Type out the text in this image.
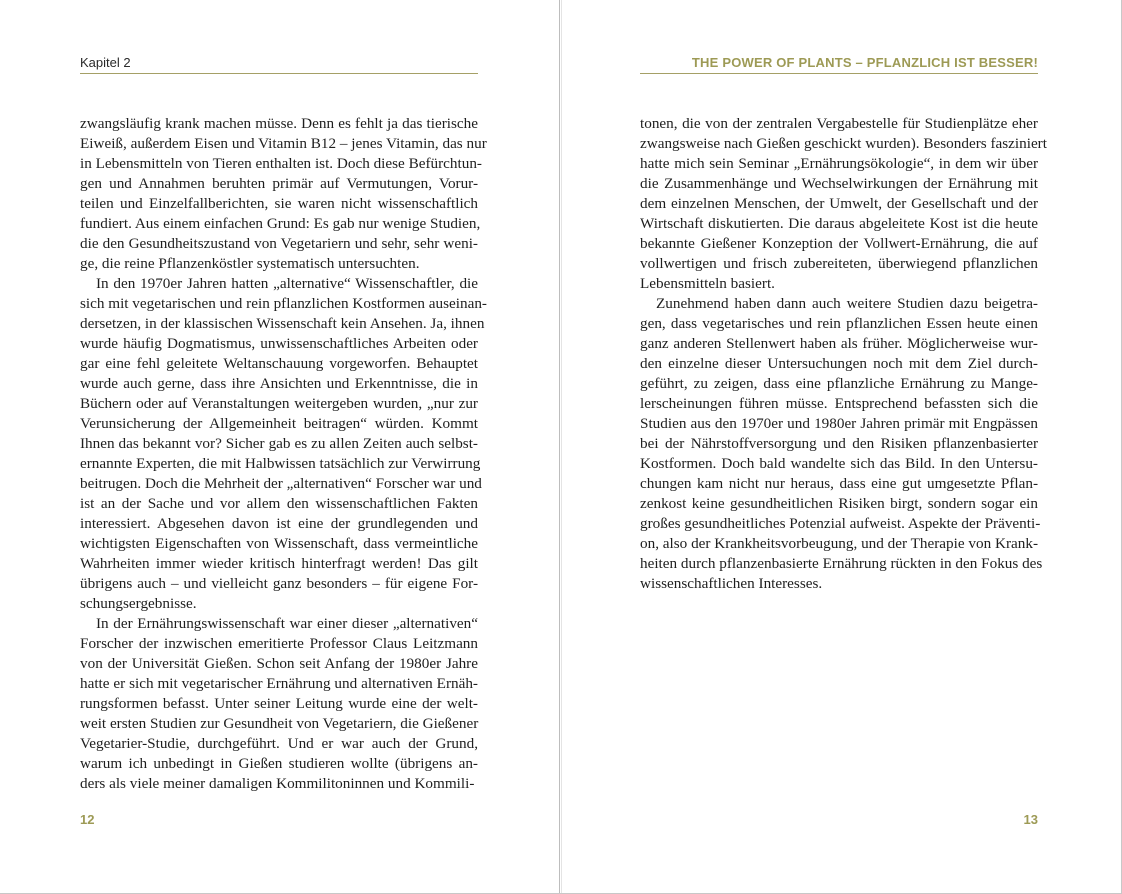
Kapitel 2
zwangsläufig krank machen müsse. Denn es fehlt ja das tierische
Eiweiß, außerdem Eisen und Vitamin B12 – jenes Vitamin, das nur
in Lebensmitteln von Tieren enthalten ist. Doch diese Befürchtun-
gen und Annahmen beruhten primär auf Vermutungen, Vorur-
teilen und Einzelfallberichten, sie waren nicht wissenschaftlich
fundiert. Aus einem einfachen Grund: Es gab nur wenige Studien,
die den Gesundheitszustand von Vegetariern und sehr, sehr weni-
ge, die reine Pflanzenköstler systematisch untersuchten.
In den 1970er Jahren hatten „alternative“ Wissenschaftler, die
sich mit vegetarischen und rein pflanzlichen Kostformen auseinan-
dersetzen, in der klassischen Wissenschaft kein Ansehen. Ja, ihnen
wurde häufig Dogmatismus, unwissenschaftliches Arbeiten oder
gar eine fehl geleitete Weltanschauung vorgeworfen. Behauptet
wurde auch gerne, dass ihre Ansichten und Erkenntnisse, die in
Büchern oder auf Veranstaltungen weitergeben wurden, „nur zur
Verunsicherung der Allgemeinheit beitragen“ würden. Kommt
Ihnen das bekannt vor? Sicher gab es zu allen Zeiten auch selbst-
ernannte Experten, die mit Halbwissen tatsächlich zur Verwirrung
beitrugen. Doch die Mehrheit der „alternativen“ Forscher war und
ist an der Sache und vor allem den wissenschaftlichen Fakten
interessiert. Abgesehen davon ist eine der grundlegenden und
wichtigsten Eigenschaften von Wissenschaft, dass vermeintliche
Wahrheiten immer wieder kritisch hinterfragt werden! Das gilt
übrigens auch – und vielleicht ganz besonders – für eigene For-
schungsergebnisse.
In der Ernährungswissenschaft war einer dieser „alternativen“
Forscher der inzwischen emeritierte Professor Claus Leitzmann
von der Universität Gießen. Schon seit Anfang der 1980er Jahre
hatte er sich mit vegetarischer Ernährung und alternativen Ernäh-
rungsformen befasst. Unter seiner Leitung wurde eine der welt-
weit ersten Studien zur Gesundheit von Vegetariern, die Gießener
Vegetarier-Studie, durchgeführt. Und er war auch der Grund,
warum ich unbedingt in Gießen studieren wollte (übrigens an-
ders als viele meiner damaligen Kommilitoninnen und Kommili-
12
THE POWER OF PLANTS – PFLANZLICH IST BESSER!
tonen, die von der zentralen Vergabestelle für Studienplätze eher
zwangsweise nach Gießen geschickt wurden). Besonders fasziniert
hatte mich sein Seminar „Ernährungsökologie“, in dem wir über
die Zusammenhänge und Wechselwirkungen der Ernährung mit
dem einzelnen Menschen, der Umwelt, der Gesellschaft und der
Wirtschaft diskutierten. Die daraus abgeleitete Kost ist die heute
bekannte Gießener Konzeption der Vollwert-Ernährung, die auf
vollwertigen und frisch zubereiteten, überwiegend pflanzlichen
Lebensmitteln basiert.
Zunehmend haben dann auch weitere Studien dazu beigetra-
gen, dass vegetarisches und rein pflanzlichen Essen heute einen
ganz anderen Stellenwert haben als früher. Möglicherweise wur-
den einzelne dieser Untersuchungen noch mit dem Ziel durch-
geführt, zu zeigen, dass eine pflanzliche Ernährung zu Mange-
lerscheinungen führen müsse. Entsprechend befassten sich die
Studien aus den 1970er und 1980er Jahren primär mit Engpässen
bei der Nährstoffversorgung und den Risiken pflanzenbasierter
Kostformen. Doch bald wandelte sich das Bild. In den Untersu-
chungen kam nicht nur heraus, dass eine gut umgesetzte Pflan-
zenkost keine gesundheitlichen Risiken birgt, sondern sogar ein
großes gesundheitliches Potenzial aufweist. Aspekte der Präventi-
on, also der Krankheitsvorbeugung, und der Therapie von Krank-
heiten durch pflanzenbasierte Ernährung rückten in den Fokus des
wissenschaftlichen Interesses.
13
